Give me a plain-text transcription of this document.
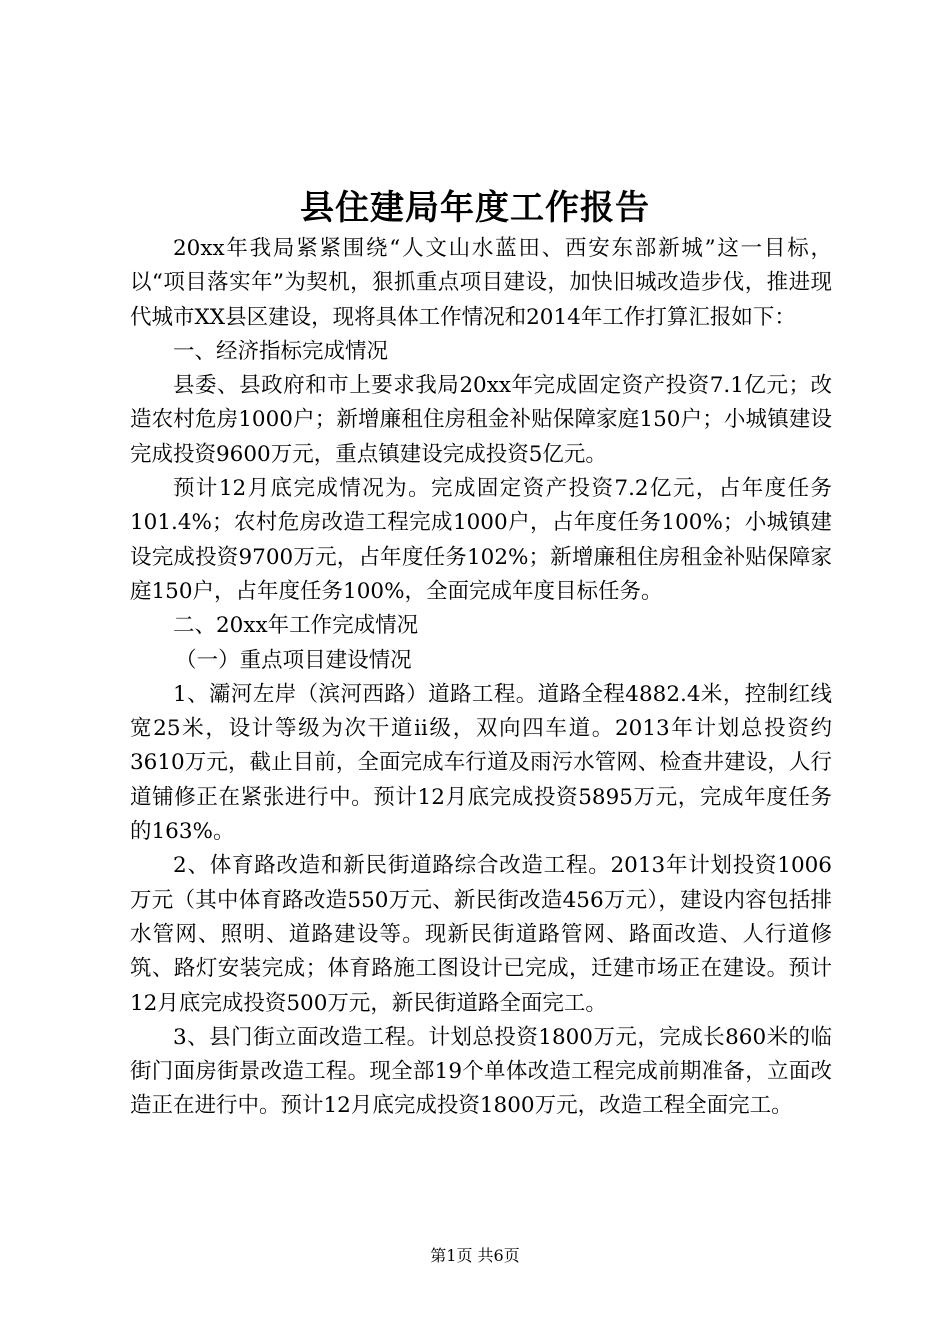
县住建局年度工作报告

20xx年我局紧紧围绕“人文山水蓝田、西安东部新城”这一目标，以“项目落实年”为契机，狠抓重点项目建设，加快旧城改造步伐，推进现代城市XX县区建设，现将具体工作情况和2014年工作打算汇报如下：

一、经济指标完成情况

县委、县政府和市上要求我局20xx年完成固定资产投资7.1亿元；改造农村危房1000户；新增廉租住房租金补贴保障家庭150户；小城镇建设完成投资9600万元，重点镇建设完成投资5亿元。

预计12月底完成情况为。完成固定资产投资7.2亿元，占年度任务101.4%；农村危房改造工程完成1000户，占年度任务100%；小城镇建设完成投资9700万元，占年度任务102%；新增廉租住房租金补贴保障家庭150户，占年度任务100%，全面完成年度目标任务。

二、20xx年工作完成情况

（一）重点项目建设情况

1、灞河左岸（滨河西路）道路工程。道路全程4882.4米，控制红线宽25米，设计等级为次干道ii级，双向四车道。2013年计划总投资约3610万元，截止目前，全面完成车行道及雨污水管网、检查井建设，人行道铺修正在紧张进行中。预计12月底完成投资5895万元，完成年度任务的163%。

2、体育路改造和新民街道路综合改造工程。2013年计划投资1006万元（其中体育路改造550万元、新民街改造456万元），建设内容包括排水管网、照明、道路建设等。现新民街道路管网、路面改造、人行道修筑、路灯安装完成；体育路施工图设计已完成，迁建市场正在建设。预计12月底完成投资500万元，新民街道路全面完工。

3、县门街立面改造工程。计划总投资1800万元，完成长860米的临街门面房街景改造工程。现全部19个单体改造工程完成前期准备，立面改造正在进行中。预计12月底完成投资1800万元，改造工程全面完工。

第1页 共6页
